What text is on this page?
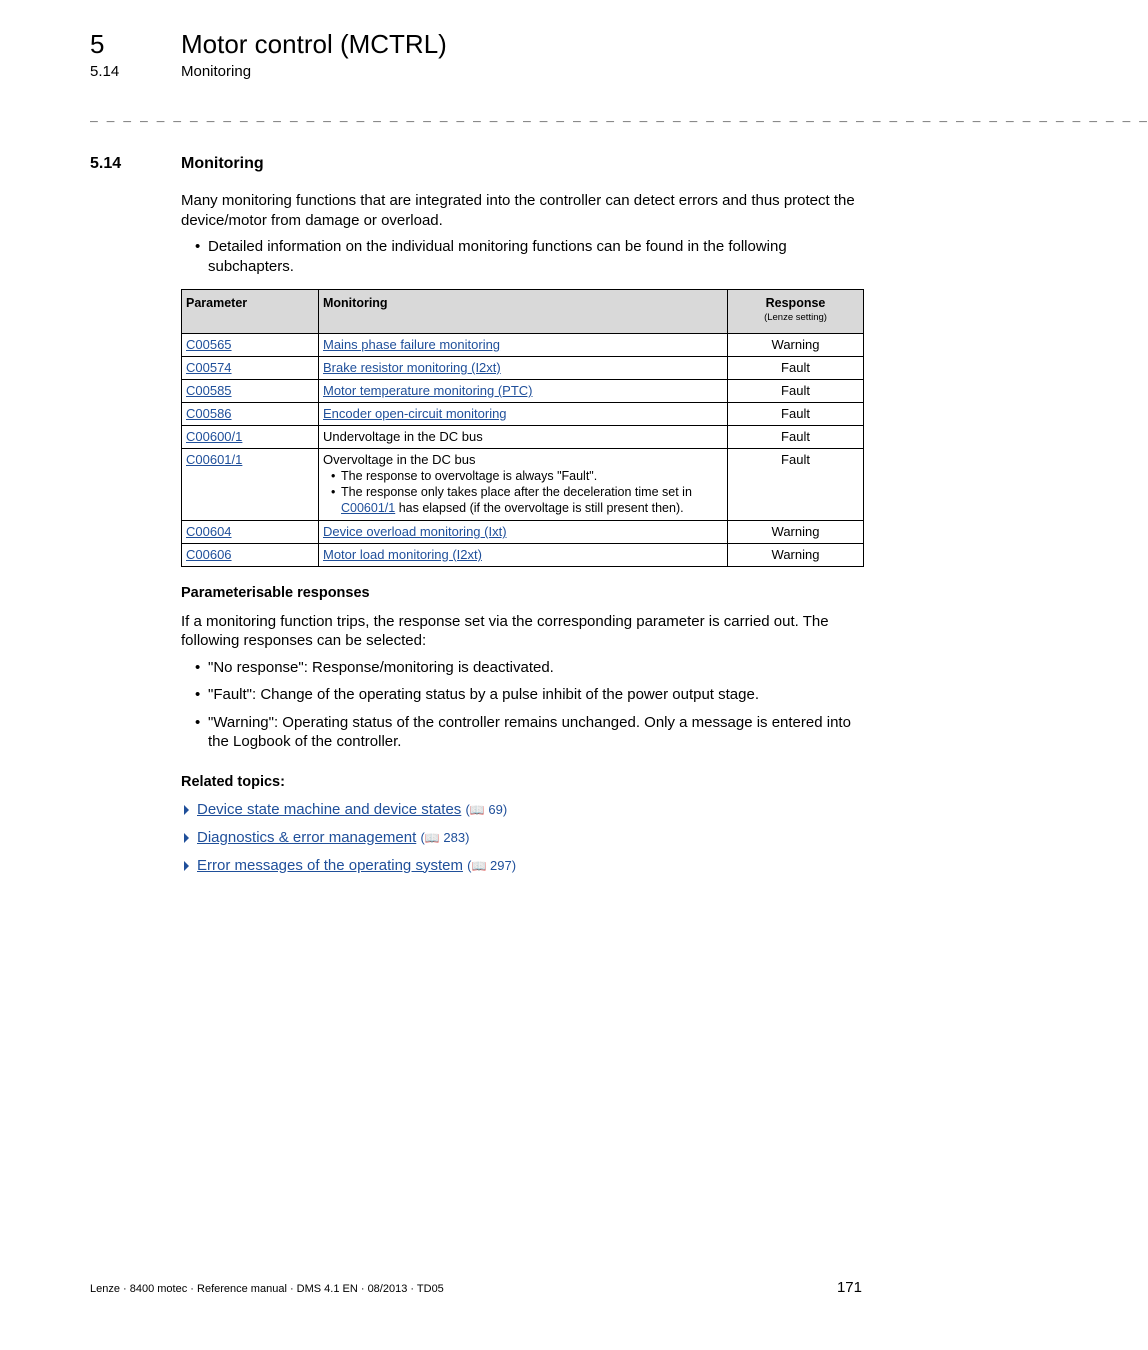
5	Motor control (MCTRL)
5.14	Monitoring
_ _ _ _ _ _ _ _ _ _ _ _ _ _ _ _ _ _ _ _ _ _ _ _ _ _ _ _ _ _ _ _ _ _ _ _ _ _ _ _ _ _ _ _ _ _ _ _ _ _ _ _ _ _ _ _ _ _ _ _ _ _ _ _
5.14	Monitoring

Many monitoring functions that are integrated into the controller can detect errors and thus protect the device/motor from damage or overload.

• Detailed information on the individual monitoring functions can be found in the following subchapters.
Parameter	Monitoring	Response
(Lenze setting)

C00565	Mains phase failure monitoring	Warning
C00574	Brake resistor monitoring (I2xt)	Fault
C00585	Motor temperature monitoring (PTC)	Fault
C00586	Encoder open-circuit monitoring	Fault
C00600/1	Undervoltage in the DC bus	Fault
C00601/1	Overvoltage in the DC bus
• The response to overvoltage is always "Fault".
• The response only takes place after the deceleration time set in C00601/1 has elapsed (if the overvoltage is still present then).	Fault
C00604	Device overload monitoring (Ixt)	Warning
C00606	Motor load monitoring (I2xt)	Warning
Parameterisable responses

If a monitoring function trips, the response set via the corresponding parameter is carried out. The following responses can be selected:

• "No response": Response/monitoring is deactivated.
• "Fault": Change of the operating status by a pulse inhibit of the power output stage.
• "Warning": Operating status of the controller remains unchanged. Only a message is entered into the Logbook of the controller.
Related topics:
Device state machine and device states (📖 69)
Diagnostics & error management (📖 283)
Error messages of the operating system (📖 297)
Lenze · 8400 motec · Reference manual · DMS 4.1 EN · 08/2013 · TD05	171
